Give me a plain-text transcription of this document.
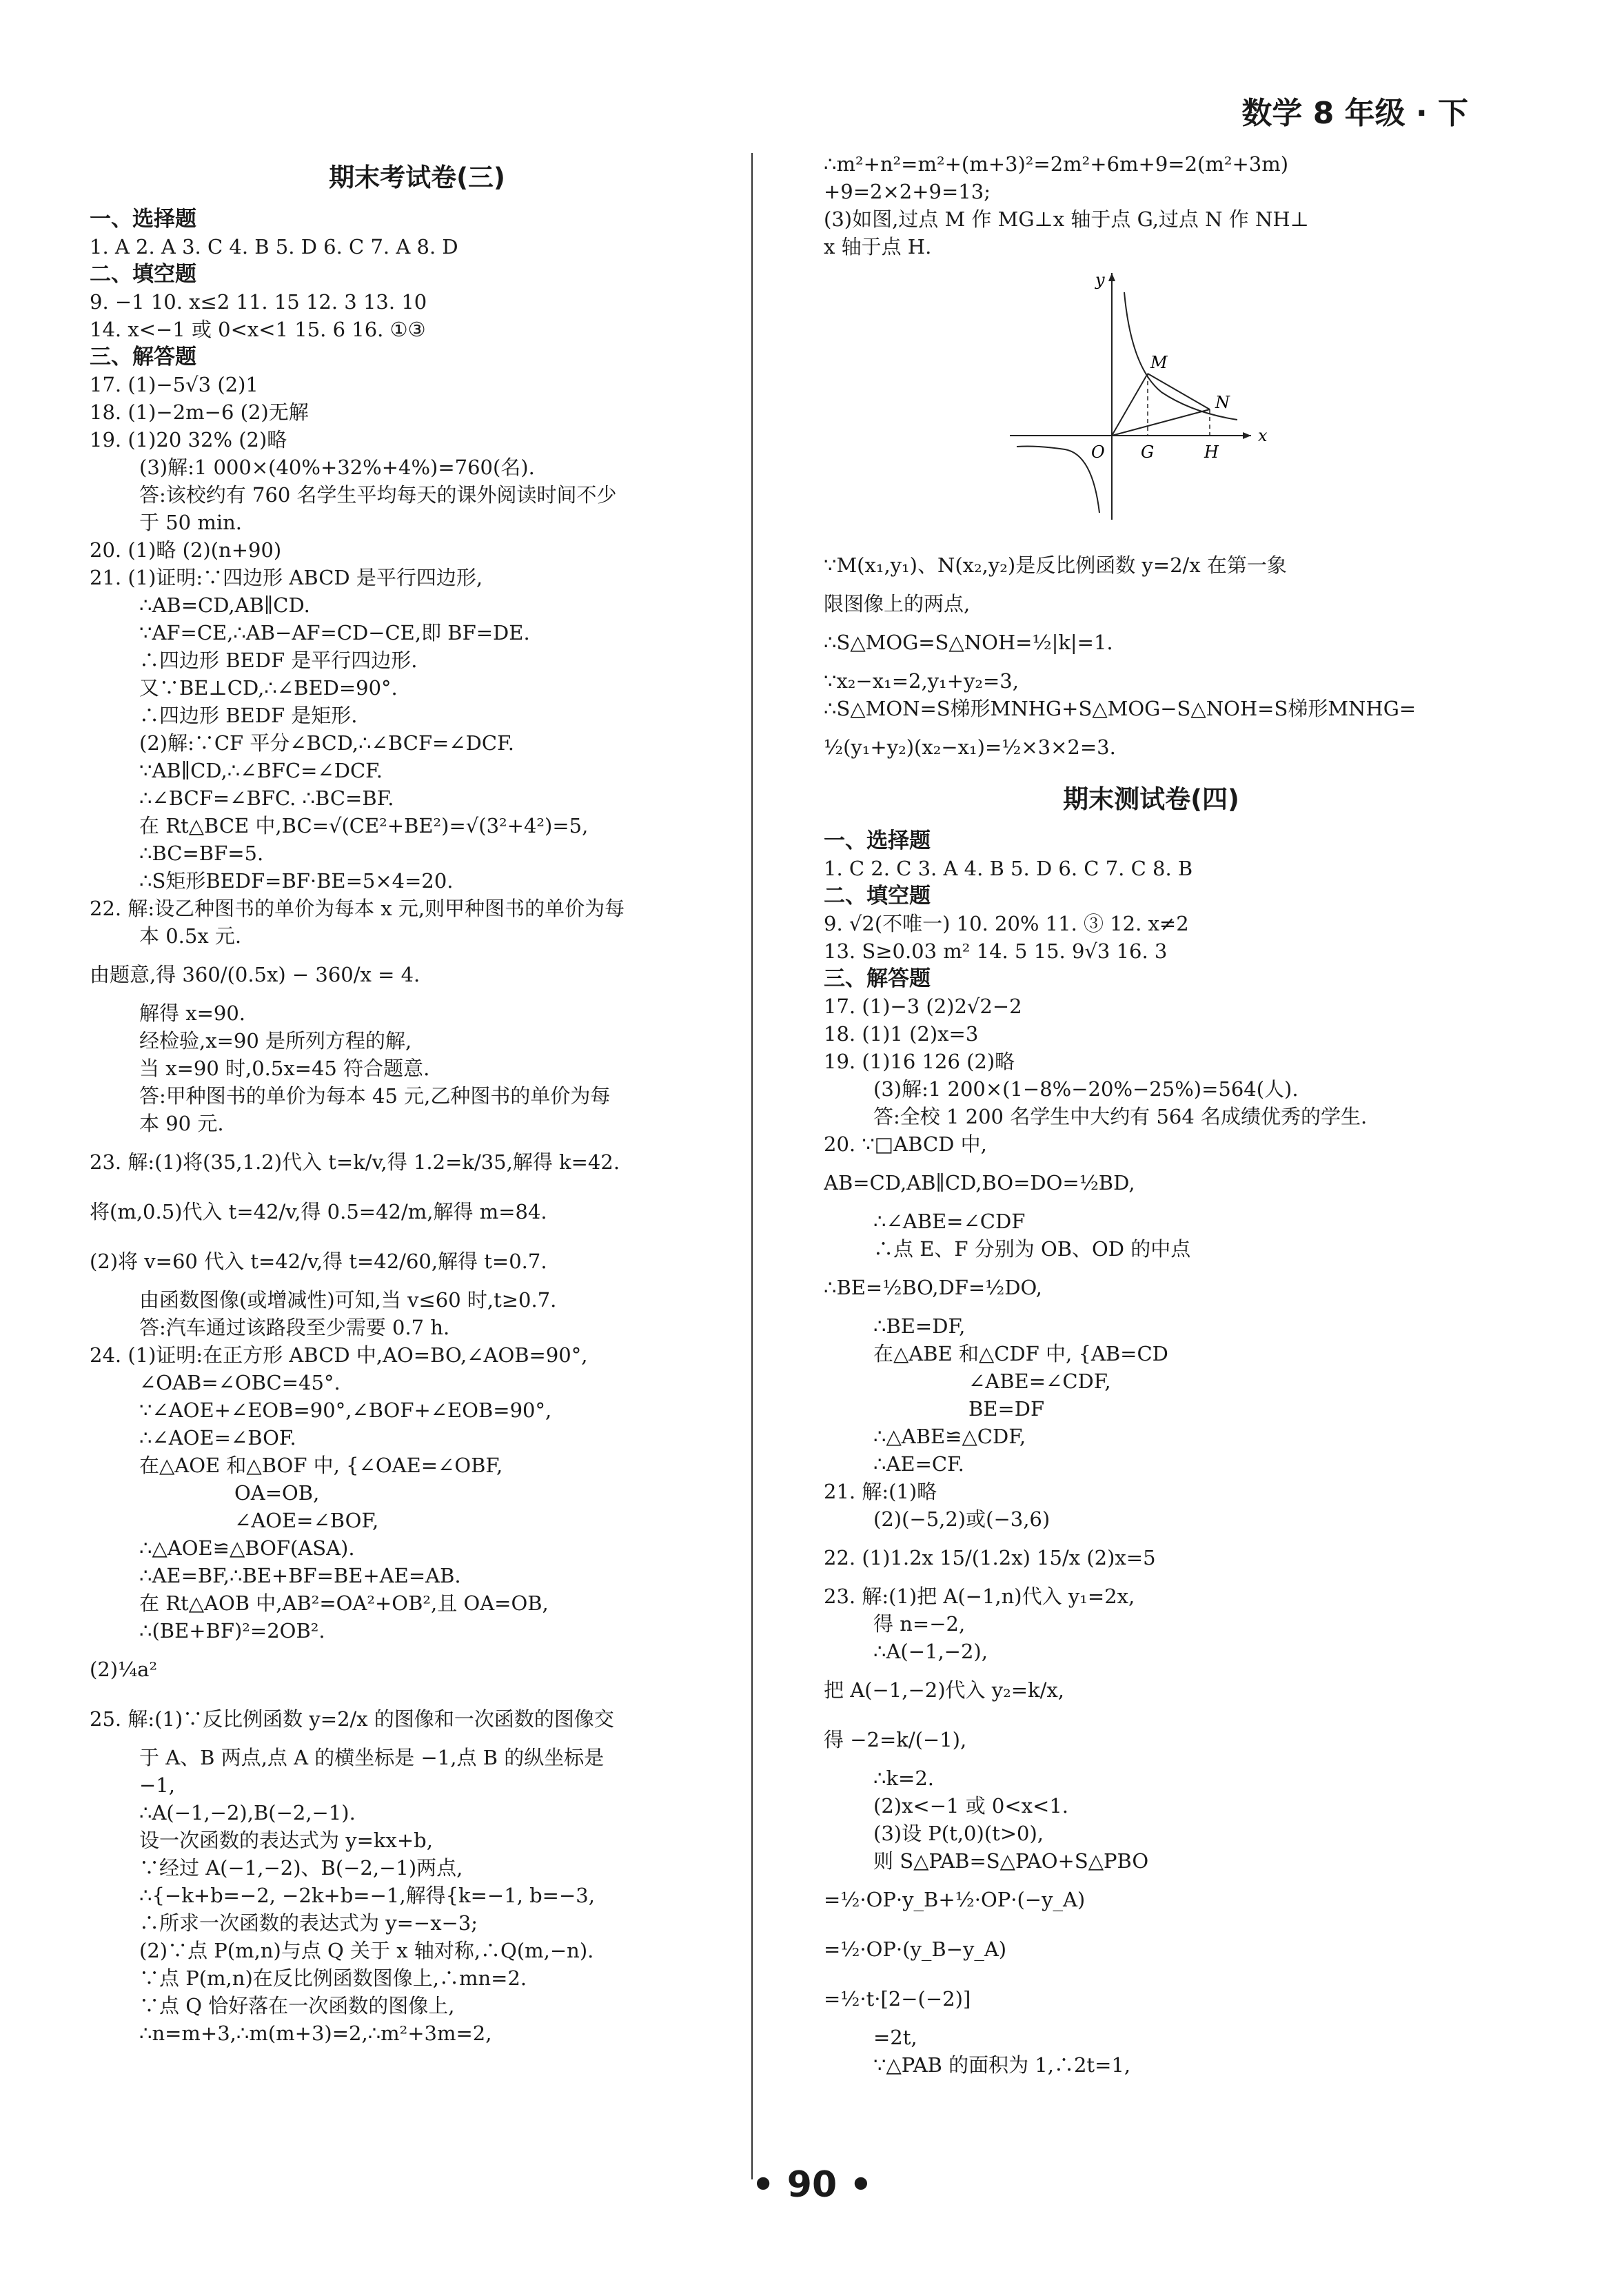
数学 8 年级 · 下
期末考试卷(三)
一、选择题
1. A 2. A 3. C 4. B 5. D 6. C 7. A 8. D
二、填空题
9. −1 10. x≤2 11. 15 12. 3 13. 10
14. x<−1 或 0<x<1 15. 6 16. ①③
三、解答题
17. (1)−5√3 (2)1
18. (1)−2m−6 (2)无解
19. (1)20 32% (2)略
(3)解:1 000×(40%+32%+4%)=760(名).
答:该校约有 760 名学生平均每天的课外阅读时间不少
于 50 min.
20. (1)略 (2)(n+90)
21. (1)证明:∵四边形 ABCD 是平行四边形,
∴AB=CD,AB∥CD.
∵AF=CE,∴AB−AF=CD−CE,即 BF=DE.
∴四边形 BEDF 是平行四边形.
又∵BE⊥CD,∴∠BED=90°.
∴四边形 BEDF 是矩形.
(2)解:∵CF 平分∠BCD,∴∠BCF=∠DCF.
∵AB∥CD,∴∠BFC=∠DCF.
∴∠BCF=∠BFC. ∴BC=BF.
在 Rt△BCE 中,BC=√(CE²+BE²)=√(3²+4²)=5,
∴BC=BF=5.
∴S矩形BEDF=BF·BE=5×4=20.
22. 解:设乙种图书的单价为每本 x 元,则甲种图书的单价为每
本 0.5x 元.
由题意,得 360/(0.5x) − 360/x = 4.
解得 x=90.
经检验,x=90 是所列方程的解,
当 x=90 时,0.5x=45 符合题意.
答:甲种图书的单价为每本 45 元,乙种图书的单价为每
本 90 元.
23. 解:(1)将(35,1.2)代入 t=k/v,得 1.2=k/35,解得 k=42.
将(m,0.5)代入 t=42/v,得 0.5=42/m,解得 m=84.
(2)将 v=60 代入 t=42/v,得 t=42/60,解得 t=0.7.
由函数图像(或增减性)可知,当 v≤60 时,t≥0.7.
答:汽车通过该路段至少需要 0.7 h.
24. (1)证明:在正方形 ABCD 中,AO=BO,∠AOB=90°,
∠OAB=∠OBC=45°.
∵∠AOE+∠EOB=90°,∠BOF+∠EOB=90°,
∴∠AOE=∠BOF.
在△AOE 和△BOF 中, {∠OAE=∠OBF,
OA=OB,
∠AOE=∠BOF,
∴△AOE≌△BOF(ASA).
∴AE=BF,∴BE+BF=BE+AE=AB.
在 Rt△AOB 中,AB²=OA²+OB²,且 OA=OB,
∴(BE+BF)²=2OB².
(2)¼a²
25. 解:(1)∵反比例函数 y=2/x 的图像和一次函数的图像交
于 A、B 两点,点 A 的横坐标是 −1,点 B 的纵坐标是
−1,
∴A(−1,−2),B(−2,−1).
设一次函数的表达式为 y=kx+b,
∵经过 A(−1,−2)、B(−2,−1)两点,
∴{−k+b=−2, −2k+b=−1,解得{k=−1, b=−3,
∴所求一次函数的表达式为 y=−x−3;
(2)∵点 P(m,n)与点 Q 关于 x 轴对称,∴Q(m,−n).
∵点 P(m,n)在反比例函数图像上,∴mn=2.
∵点 Q 恰好落在一次函数的图像上,
∴n=m+3,∴m(m+3)=2,∴m²+3m=2,
∴m²+n²=m²+(m+3)²=2m²+6m+9=2(m²+3m)
+9=2×2+9=13;
(3)如图,过点 M 作 MG⊥x 轴于点 G,过点 N 作 NH⊥
x 轴于点 H.
y
x
O G	H
M
N
∵M(x₁,y₁)、N(x₂,y₂)是反比例函数 y=2/x 在第一象
限图像上的两点,
∴S△MOG=S△NOH=½|k|=1.
∵x₂−x₁=2,y₁+y₂=3,
∴S△MON=S梯形MNHG+S△MOG−S△NOH=S梯形MNHG=
½(y₁+y₂)(x₂−x₁)=½×3×2=3.
期末测试卷(四)
一、选择题
1. C 2. C 3. A 4. B 5. D 6. C 7. C 8. B
二、填空题
9. √2(不唯一) 10. 20% 11. ③ 12. x≠2
13. S≥0.03 m² 14. 5 15. 9√3 16. 3
三、解答题
17. (1)−3 (2)2√2−2
18. (1)1 (2)x=3
19. (1)16 126 (2)略
(3)解:1 200×(1−8%−20%−25%)=564(人).
答:全校 1 200 名学生中大约有 564 名成绩优秀的学生.
20. ∵□ABCD 中,
AB=CD,AB∥CD,BO=DO=½BD,
∴∠ABE=∠CDF
∴点 E、F 分别为 OB、OD 的中点
∴BE=½BO,DF=½DO,
∴BE=DF,
在△ABE 和△CDF 中, {AB=CD
∠ABE=∠CDF,
BE=DF
∴△ABE≌△CDF,
∴AE=CF.
21. 解:(1)略
(2)(−5,2)或(−3,6)
22. (1)1.2x 15/(1.2x) 15/x (2)x=5
23. 解:(1)把 A(−1,n)代入 y₁=2x,
得 n=−2,
∴A(−1,−2),
把 A(−1,−2)代入 y₂=k/x,
得 −2=k/(−1),
∴k=2.
(2)x<−1 或 0<x<1.
(3)设 P(t,0)(t>0),
则 S△PAB=S△PAO+S△PBO
=½·OP·y_B+½·OP·(−y_A)
=½·OP·(y_B−y_A)
=½·t·[2−(−2)]
=2t,
∵△PAB 的面积为 1,∴2t=1,
• 90 •
